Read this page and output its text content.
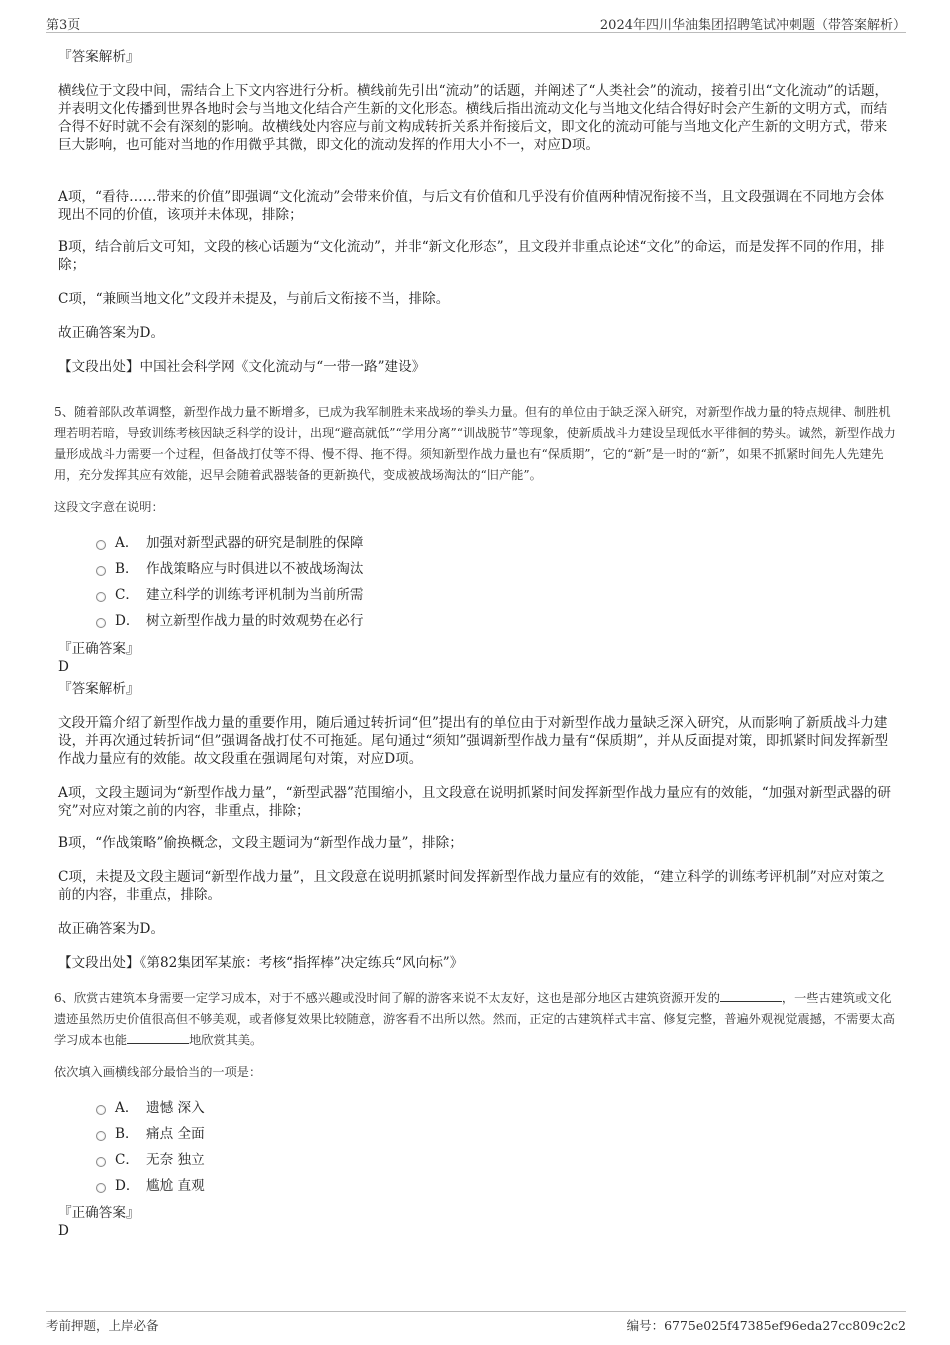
第3页	2024年四川华油集团招聘笔试冲刺题（带答案解析）

『答案解析』

横线位于文段中间，需结合上下文内容进行分析。横线前先引出“流动”的话题，并阐述了“人类社会”的流动，接着引出“文化流动”的话题，并表明文化传播到世界各地时会与当地文化结合产生新的文化形态。横线后指出流动文化与当地文化结合得好时会产生新的文明方式，而结合得不好时就不会有深刻的影响。故横线处内容应与前文构成转折关系并衔接后文，即文化的流动可能与当地文化产生新的文明方式，带来巨大影响，也可能对当地的作用微乎其微，即文化的流动发挥的作用大小不一，对应D项。

A项，“看待……带来的价值”即强调“文化流动”会带来价值，与后文有价值和几乎没有价值两种情况衔接不当，且文段强调在不同地方会体现出不同的价值，该项并未体现，排除；

B项，结合前后文可知，文段的核心话题为“文化流动”，并非“新文化形态”，且文段并非重点论述“文化”的命运，而是发挥不同的作用，排除；

C项，“兼顾当地文化”文段并未提及，与前后文衔接不当，排除。

故正确答案为D。

【文段出处】中国社会科学网《文化流动与“一带一路”建设》

5、随着部队改革调整，新型作战力量不断增多，已成为我军制胜未来战场的拳头力量。但有的单位由于缺乏深入研究，对新型作战力量的特点规律、制胜机理若明若暗，导致训练考核因缺乏科学的设计，出现“避高就低”“学用分离”“训战脱节”等现象，使新质战斗力建设呈现低水平徘徊的势头。诚然，新型作战力量形成战斗力需要一个过程，但备战打仗等不得、慢不得、拖不得。须知新型作战力量也有“保质期”，它的“新”是一时的“新”，如果不抓紧时间先人先建先用，充分发挥其应有效能，迟早会随着武器装备的更新换代，变成被战场淘汰的“旧产能”。

这段文字意在说明：

A． 加强对新型武器的研究是制胜的保障
B． 作战策略应与时俱进以不被战场淘汰
C． 建立科学的训练考评机制为当前所需
D． 树立新型作战力量的时效观势在必行

『正确答案』

D

『答案解析』

文段开篇介绍了新型作战力量的重要作用，随后通过转折词“但”提出有的单位由于对新型作战力量缺乏深入研究，从而影响了新质战斗力建设，并再次通过转折词“但”强调备战打仗不可拖延。尾句通过“须知”强调新型作战力量有“保质期”，并从反面提对策，即抓紧时间发挥新型作战力量应有的效能。故文段重在强调尾句对策，对应D项。

A项，文段主题词为“新型作战力量”，“新型武器”范围缩小，且文段意在说明抓紧时间发挥新型作战力量应有的效能，“加强对新型武器的研究”对应对策之前的内容，非重点，排除；

B项，“作战策略”偷换概念，文段主题词为“新型作战力量”，排除；

C项，未提及文段主题词“新型作战力量”，且文段意在说明抓紧时间发挥新型作战力量应有的效能，“建立科学的训练考评机制”对应对策之前的内容，非重点，排除。

故正确答案为D。

【文段出处】《第82集团军某旅：考核“指挥棒”决定练兵“风向标”》

6、欣赏古建筑本身需要一定学习成本，对于不感兴趣或没时间了解的游客来说不太友好，这也是部分地区古建筑资源开发的	，一些古建筑或文化遗迹虽然历史价值很高但不够美观，或者修复效果比较随意，游客看不出所以然。然而，正定的古建筑样式丰富、修复完整，普遍外观视觉震撼，不需要太高学习成本也能	地欣赏其美。

依次填入画横线部分最恰当的一项是：

A． 遗憾 深入
B． 痛点 全面
C． 无奈 独立
D． 尴尬 直观

『正确答案』

D

考前押题，上岸必备	编号：6775e025f47385ef96eda27cc809c2c2
